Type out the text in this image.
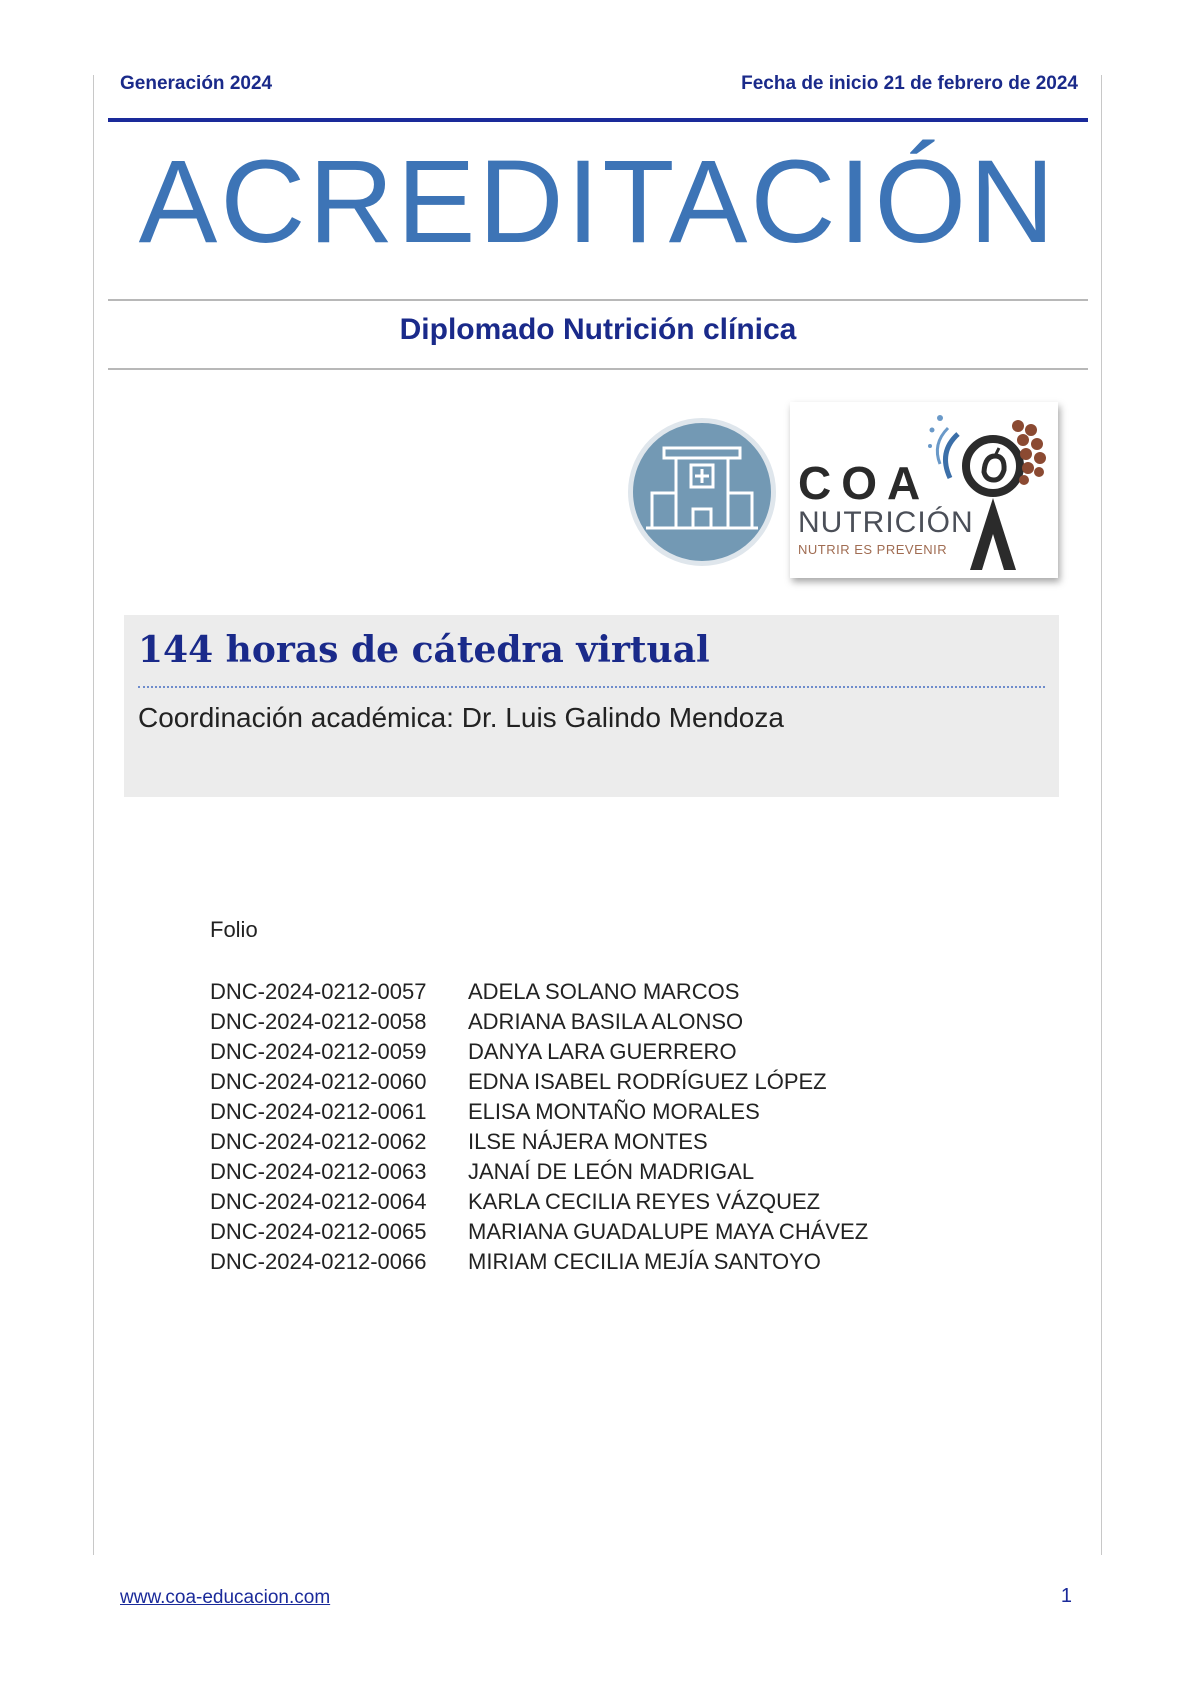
Generación 2024	Fecha de inicio 21 de febrero de 2024
ACREDITACIÓN
Diplomado Nutrición clínica
COA
NUTRICIÓN
NUTRIR ES PREVENIR
144 horas de cátedra virtual
Coordinación académica: Dr. Luis Galindo Mendoza
Folio
DNC-2024-0212-0057 ADELA SOLANO MARCOS
DNC-2024-0212-0058 ADRIANA BASILA ALONSO
DNC-2024-0212-0059 DANYA LARA GUERRERO
DNC-2024-0212-0060 EDNA ISABEL RODRÍGUEZ LÓPEZ
DNC-2024-0212-0061 ELISA MONTAÑO MORALES
DNC-2024-0212-0062 ILSE NÁJERA MONTES
DNC-2024-0212-0063 JANAÍ DE LEÓN MADRIGAL
DNC-2024-0212-0064 KARLA CECILIA REYES VÁZQUEZ
DNC-2024-0212-0065 MARIANA GUADALUPE MAYA CHÁVEZ
DNC-2024-0212-0066 MIRIAM CECILIA MEJÍA SANTOYO
www.coa-educacion.com	1
